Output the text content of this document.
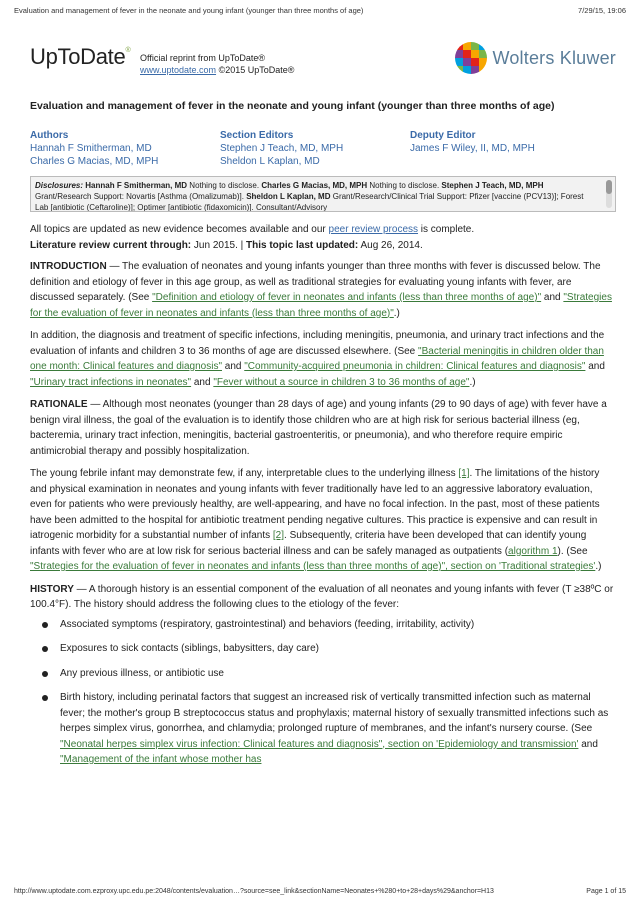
Evaluation and management of fever in the neonate and young infant (younger than three months of age)	7/29/15, 19:06
UpToDate®
Official reprint from UpToDate®
www.uptodate.com ©2015 UpToDate®
Wolters Kluwer
Evaluation and management of fever in the neonate and young infant (younger than three months of age)
Authors
Hannah F Smitherman, MD
Charles G Macias, MD, MPH
Section Editors
Stephen J Teach, MD, MPH
Sheldon L Kaplan, MD
Deputy Editor
James F Wiley, II, MD, MPH
Disclosures: Hannah F Smitherman, MD Nothing to disclose. Charles G Macias, MD, MPH Nothing to disclose. Stephen J Teach, MD, MPH Grant/Research Support: Novartis [Asthma (Omalizumab)]. Sheldon L Kaplan, MD Grant/Research/Clinical Trial Support: Pfizer [vaccine (PCV13)]; Forest Lab [antibiotic (Ceftaroline)]; Optimer [antibiotic (fidaxomicin)]. Consultant/Advisory
All topics are updated as new evidence becomes available and our peer review process is complete.
Literature review current through: Jun 2015. | This topic last updated: Aug 26, 2014.
INTRODUCTION — The evaluation of neonates and young infants younger than three months with fever is discussed below. The definition and etiology of fever in this age group, as well as traditional strategies for evaluating young infants with fever, are discussed separately. (See "Definition and etiology of fever in neonates and infants (less than three months of age)" and "Strategies for the evaluation of fever in neonates and infants (less than three months of age)".)
In addition, the diagnosis and treatment of specific infections, including meningitis, pneumonia, and urinary tract infections and the evaluation of infants and children 3 to 36 months of age are discussed elsewhere. (See "Bacterial meningitis in children older than one month: Clinical features and diagnosis" and "Community-acquired pneumonia in children: Clinical features and diagnosis" and "Urinary tract infections in neonates" and "Fever without a source in children 3 to 36 months of age".)
RATIONALE — Although most neonates (younger than 28 days of age) and young infants (29 to 90 days of age) with fever have a benign viral illness, the goal of the evaluation is to identify those children who are at high risk for serious bacterial illness (eg, bacteremia, urinary tract infection, meningitis, bacterial gastroenteritis, or pneumonia), and who therefore require empiric antimicrobial therapy and possibly hospitalization.
The young febrile infant may demonstrate few, if any, interpretable clues to the underlying illness [1]. The limitations of the history and physical examination in neonates and young infants with fever traditionally have led to an aggressive laboratory evaluation, even for patients who were previously healthy, are well-appearing, and have no focal infection. In the past, most of these patients have been admitted to the hospital for antibiotic treatment pending negative cultures. This practice is expensive and can result in iatrogenic morbidity for a substantial number of infants [2]. Subsequently, criteria have been developed that can identify young infants with fever who are at low risk for serious bacterial illness and can be safely managed as outpatients (algorithm 1). (See "Strategies for the evaluation of fever in neonates and infants (less than three months of age)", section on 'Traditional strategies'.)
HISTORY — A thorough history is an essential component of the evaluation of all neonates and young infants with fever (T ≥38ºC or 100.4°F). The history should address the following clues to the etiology of the fever:
Associated symptoms (respiratory, gastrointestinal) and behaviors (feeding, irritability, activity)
Exposures to sick contacts (siblings, babysitters, day care)
Any previous illness, or antibiotic use
Birth history, including perinatal factors that suggest an increased risk of vertically transmitted infection such as maternal fever; the mother's group B streptococcus status and prophylaxis; maternal history of sexually transmitted infections such as herpes simplex virus, gonorrhea, and chlamydia; prolonged rupture of membranes, and the infant's nursery course. (See "Neonatal herpes simplex virus infection: Clinical features and diagnosis", section on 'Epidemiology and transmission' and "Management of the infant whose mother has
http://www.uptodate.com.ezproxy.upc.edu.pe:2048/contents/evaluation…?source=see_link&sectionName=Neonates+%280+to+28+days%29&anchor=H13	Page 1 of 15
